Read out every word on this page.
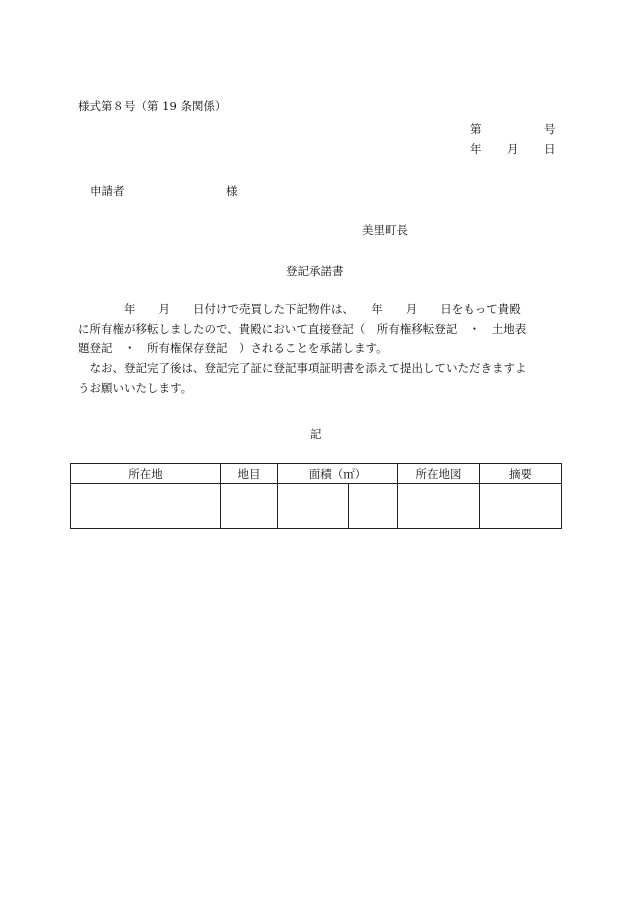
様式第８号（第 19 条関係）
第	号
年 月 日
申請者	様
美里町長
登記承諾書
　　　　年　　月　　日付けで売買した下記物件は、　　年　　月　　日をもって貴殿
に所有権が移転しましたので、貴殿において直接登記（　所有権移転登記　・　土地表
題登記　・　所有権保存登記　）されることを承諾します。
　なお、登記完了後は、登記完了証に登記事項証明書を添えて提出していただきますよ
うお願いいたします。
記
所在地	地目	面積（㎡）		所在地図	摘要
